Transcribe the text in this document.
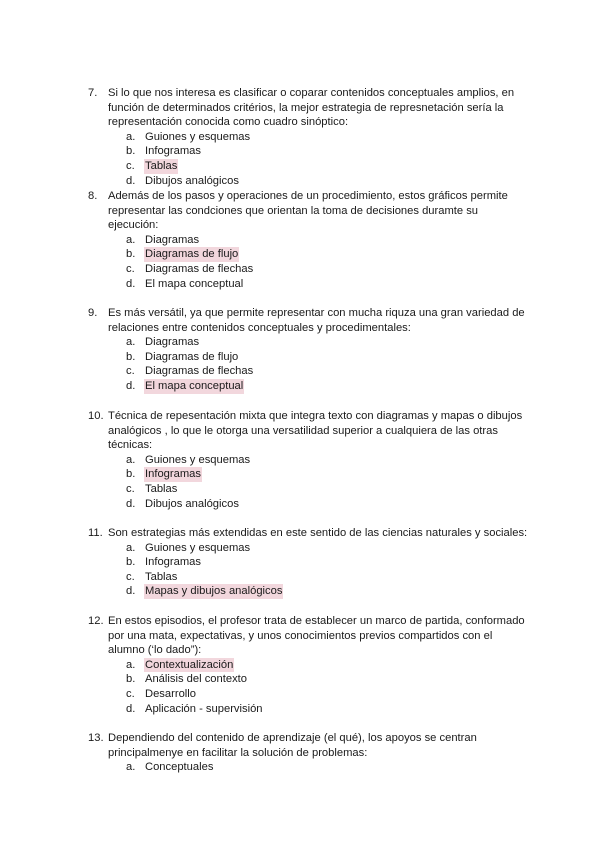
7. Si lo que nos interesa es clasificar o coparar contenidos conceptuales amplios, en función de determinados critérios, la mejor estrategia de represnetación sería la representación conocida como cuadro sinóptico:
a. Guiones y esquemas
b. Infogramas
c. Tablas
d. Dibujos analógicos
8. Además de los pasos y operaciones de un procedimiento, estos gráficos permite representar las condciones que orientan la toma de decisiones duramte su ejecución:
a. Diagramas
b. Diagramas de flujo
c. Diagramas de flechas
d. El mapa conceptual
9. Es más versátil, ya que permite representar con mucha riquza una gran variedad de relaciones entre contenidos conceptuales y procedimentales:
a. Diagramas
b. Diagramas de flujo
c. Diagramas de flechas
d. El mapa conceptual
10. Técnica de repesentación mixta que integra texto con diagramas y mapas o dibujos analógicos , lo que le otorga una versatilidad superior a cualquiera de las otras técnicas:
a. Guiones y esquemas
b. Infogramas
c. Tablas
d. Dibujos analógicos
11. Son estrategias más extendidas en este sentido de las ciencias naturales y sociales:
a. Guiones y esquemas
b. Infogramas
c. Tablas
d. Mapas y dibujos analógicos
12. En estos episodios, el profesor trata de establecer un marco de partida, conformado por una mata, expectativas, y unos conocimientos previos compartidos con el alumno (‘lo dado”):
a. Contextualización
b. Análisis del contexto
c. Desarrollo
d. Aplicación - supervisión
13. Dependiendo del contenido de aprendizaje (el qué), los apoyos se centran principalmenye en facilitar la solución de problemas:
a. Conceptuales
